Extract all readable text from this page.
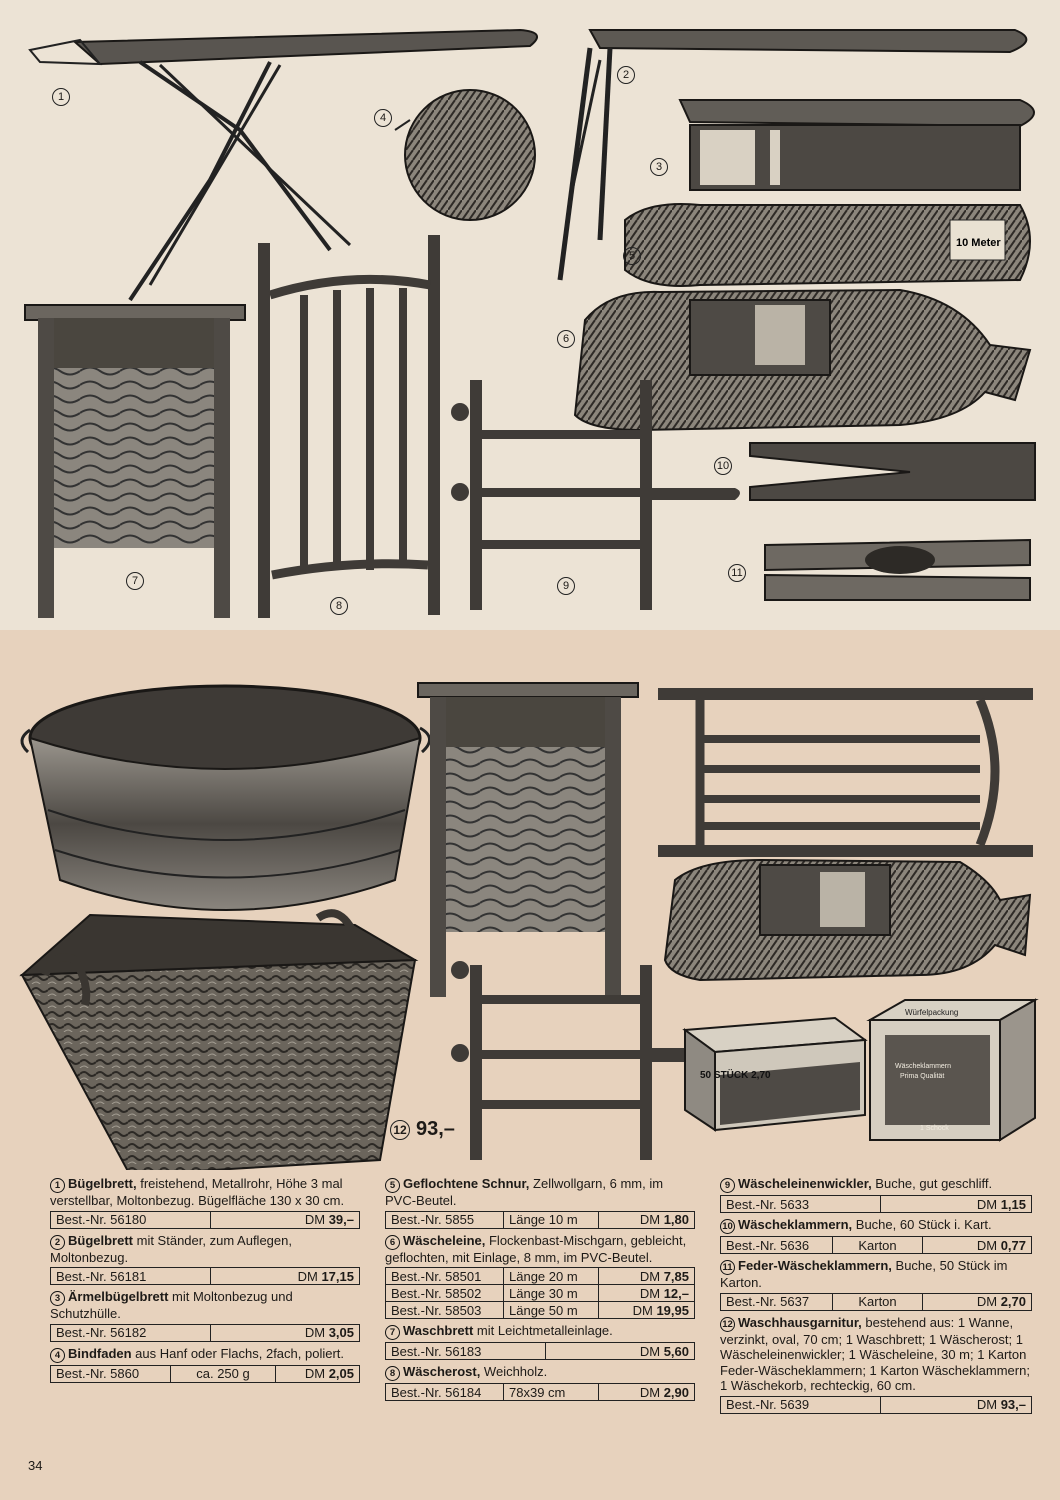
10 Meter
50 STÜCK 2,70
Würfelpackung
Wäscheklammern
Prima Qualität
1 Schock
1
2
3
4
5
6
7
8
9
10
11
12 93,–
1 Bügelbrett, freistehend, Metallrohr, Höhe 3 mal verstellbar, Moltonbezug. Bügelfläche 130 x 30 cm.
Best.-Nr. 56180	DM 39,–
2 Bügelbrett mit Ständer, zum Auflegen, Moltonbezug.
Best.-Nr. 56181	DM 17,15
3 Ärmelbügelbrett mit Moltonbezug und Schutzhülle.
Best.-Nr. 56182	DM 3,05
4 Bindfaden aus Hanf oder Flachs, 2fach, poliert.
Best.-Nr. 5860	ca. 250 g	DM 2,05
5 Geflochtene Schnur, Zellwollgarn, 6 mm, im PVC-Beutel.
Best.-Nr. 5855	Länge 10 m	DM 1,80
6 Wäscheleine, Flockenbast-Mischgarn, gebleicht, geflochten, mit Einlage, 8 mm, im PVC-Beutel.
Best.-Nr. 58501	Länge 20 m	DM 7,85
Best.-Nr. 58502	Länge 30 m	DM 12,–
Best.-Nr. 58503	Länge 50 m	DM 19,95
7 Waschbrett mit Leichtmetalleinlage.
Best.-Nr. 56183	DM 5,60
8 Wäscherost, Weichholz.
Best.-Nr. 56184	78x39 cm	DM 2,90
9 Wäscheleinenwickler, Buche, gut geschliff.
Best.-Nr. 5633	DM 1,15
10 Wäscheklammern, Buche, 60 Stück i. Kart.
Best.-Nr. 5636	Karton	DM 0,77
11 Feder-Wäscheklammern, Buche, 50 Stück im Karton.
Best.-Nr. 5637	Karton	DM 2,70
12 Waschhausgarnitur, bestehend aus: 1 Wanne, verzinkt, oval, 70 cm; 1 Waschbrett; 1 Wäscherost; 1 Wäscheleinenwickler; 1 Wäscheleine, 30 m; 1 Karton Feder-Wäscheklammern; 1 Karton Wäscheklammern; 1 Wäschekorb, rechteckig, 60 cm.
Best.-Nr. 5639	DM 93,–
34
